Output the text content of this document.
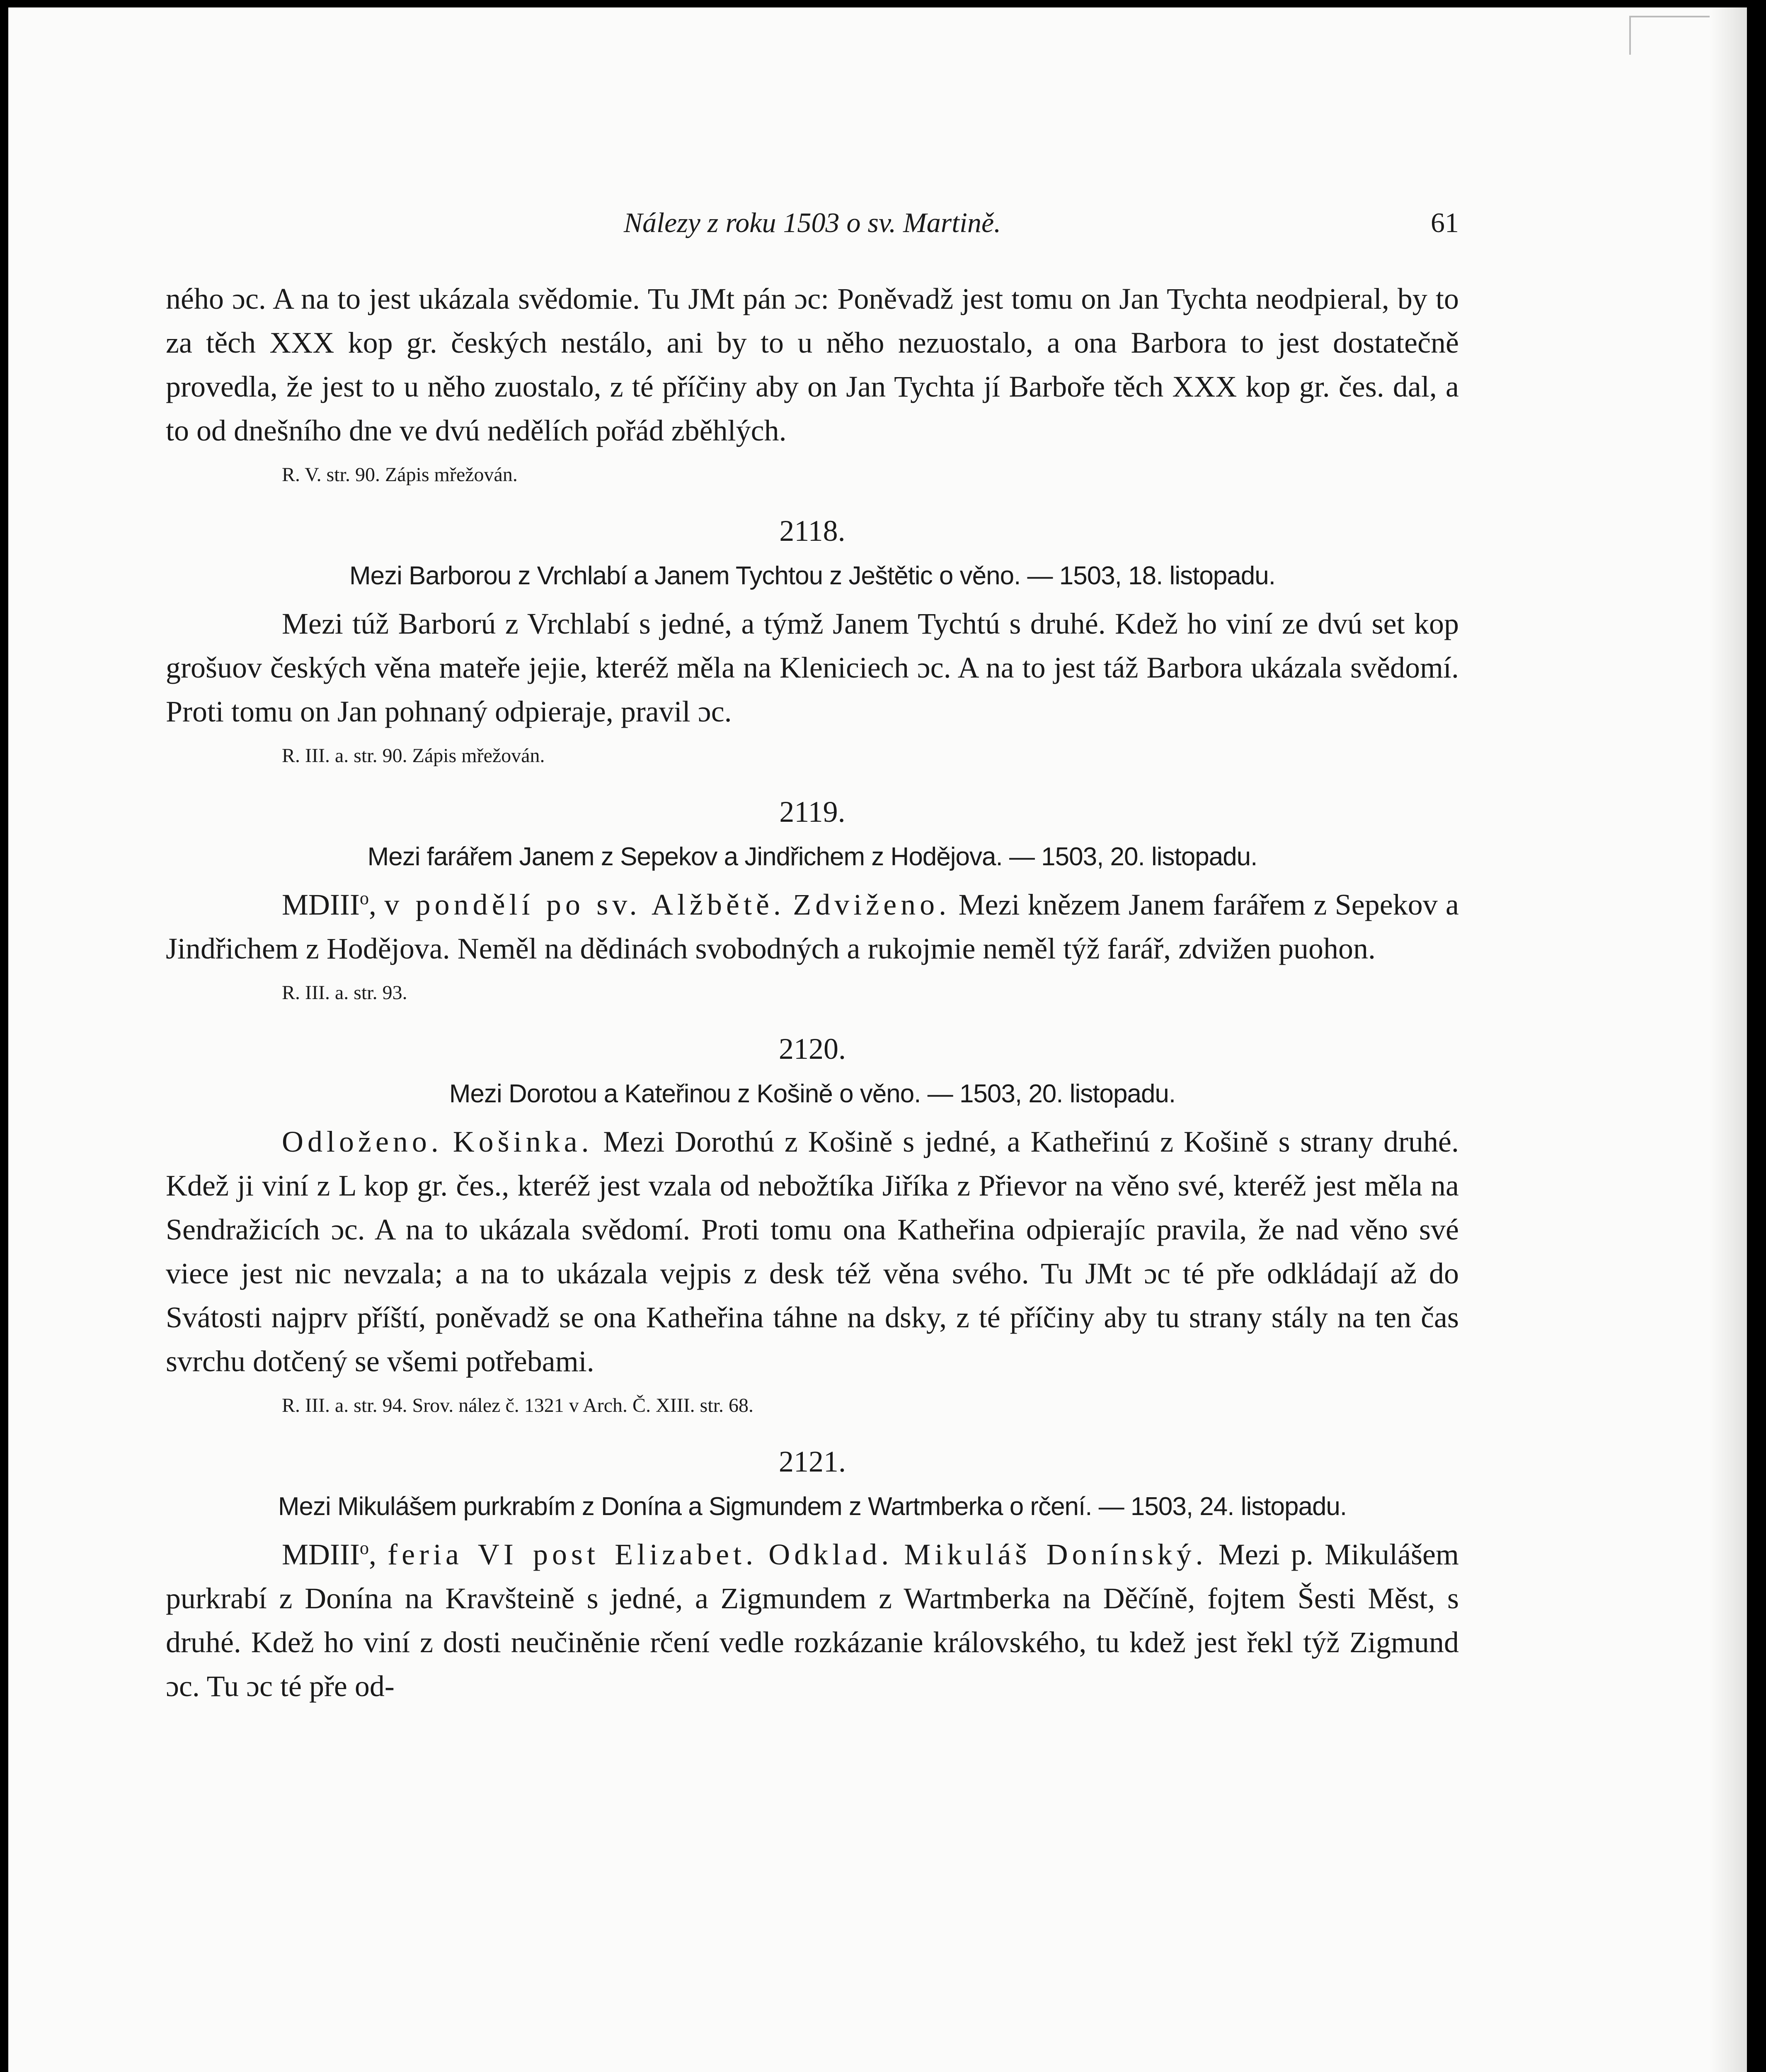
Nálezy z roku 1503 o sv. Martině.	61

ného ɔc. A na to jest ukázala svědomie. Tu JMt pán ɔc: Poněvadž jest tomu on Jan Tychta neodpieral, by to za těch XXX kop gr. českých nestálo, ani by to u něho nezuostalo, a ona Barbora to jest dostatečně provedla, že jest to u něho zuostalo, z té příčiny aby on Jan Tychta jí Barboře těch XXX kop gr. čes. dal, a to od dnešního dne ve dvú nedělích pořád zběhlých.

R. V. str. 90. Zápis mřežován.

2118.

Mezi Barborou z Vrchlabí a Janem Tychtou z Ještětic o věno. — 1503, 18. listopadu.

Mezi túž Barború z Vrchlabí s jedné, a týmž Janem Tychtú s druhé. Kdež ho viní ze dvú set kop grošuov českých věna mateře jejie, kteréž měla na Kleniciech ɔc. A na to jest táž Barbora ukázala svědomí. Proti tomu on Jan pohnaný odpieraje, pravil ɔc.

R. III. a. str. 90. Zápis mřežován.

2119.

Mezi farářem Janem z Sepekov a Jindřichem z Hodějova. — 1503, 20. listopadu.

MDIII$^o$, v pondělí po sv. Alžbětě. Zdviženo. Mezi knězem Janem farářem z Sepekov a Jindřichem z Hodějova. Neměl na dědinách svobodných a rukojmie neměl týž farář, zdvižen puohon.

R. III. a. str. 93.

2120.

Mezi Dorotou a Kateřinou z Košině o věno. — 1503, 20. listopadu.

Odloženo. Košinka. Mezi Dorothú z Košině s jedné, a Katheřinú z Košině s strany druhé. Kdež ji viní z L kop gr. čes., kteréž jest vzala od nebožtíka Jiříka z Přievor na věno své, kteréž jest měla na Sendražicích ɔc. A na to ukázala svědomí. Proti tomu ona Katheřina odpierajíc pravila, že nad věno své viece jest nic nevzala; a na to ukázala vejpis z desk též věna svého. Tu JMt ɔc té pře odkládají až do Svátosti najprv příští, poněvadž se ona Katheřina táhne na dsky, z té příčiny aby tu strany stály na ten čas svrchu dotčený se všemi potřebami.

R. III. a. str. 94. Srov. nález č. 1321 v Arch. Č. XIII. str. 68.

2121.

Mezi Mikulášem purkrabím z Donína a Sigmundem z Wartmberka o rčení. — 1503, 24. listopadu.

MDIII$^o$, feria VI post Elizabet. Odklad. Mikuláš Donínský. Mezi p. Mikulášem purkrabí z Donína na Kravšteině s jedné, a Zigmundem z Wartmberka na Děčíně, fojtem Šesti Měst, s druhé. Kdež ho viní z dosti neučiněnie rčení vedle rozkázanie královského, tu kdež jest řekl týž Zigmund ɔc. Tu ɔc té pře od-
